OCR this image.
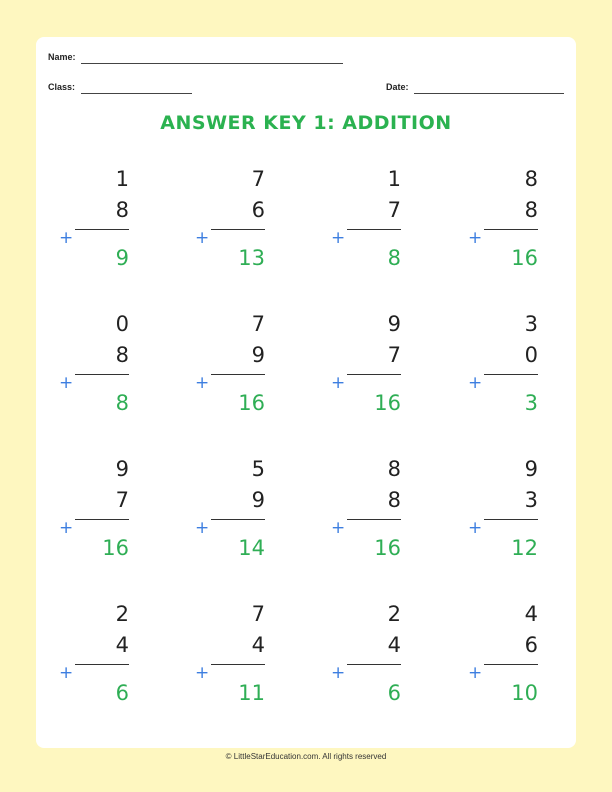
Name:
Class:	Date:
ANSWER KEY 1: ADDITION
1
8
+
9
7
6
+
13
1
7
+
8
8
8
+
16
0
8
+
8
7
9
+
16
9
7
+
16
3
0
+
3
9
7
+
16
5
9
+
14
8
8
+
16
9
3
+
12
2
4
+
6
7
4
+
11
2
4
+
6
4
6
+
10
© LittleStarEducation.com. All rights reserved
